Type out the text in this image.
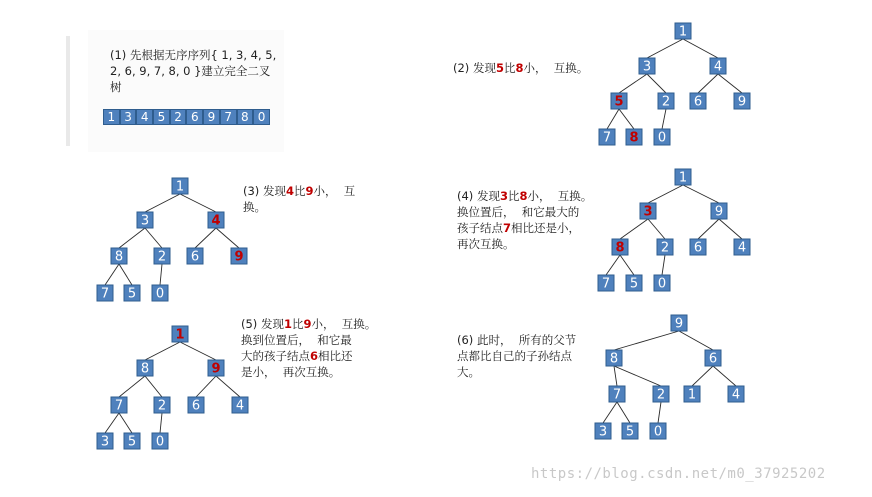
(1) 先根据无序序列{ 1, 3, 4, 5,
2, 6, 9, 7, 8, 0 }建立完全二叉
树

1 3 4 5 2 6 9 7 8 0

(2) 发现5比8小，  互换。

(3) 发现4比9小，  互
换。

(4) 发现3比8小，  互换。
换位置后，  和它最大的
孩子结点7相比还是小，
再次互换。

(5) 发现1比9小，  互换。
换到位置后，  和它最
大的孩子结点6相比还
是小，  再次互换。

(6) 此时，  所有的父节
点都比自己的子孙结点
大。

1
3	4
5	2 6	9
7 8 0
1
3	4
8	2 6	9
7 5 0
1
3	9
8	2 6	4
7 5 0
1
8	9
7	2 6	4
3 5 0
9
8	6
7	2 1	4
3 5 0
https://blog.csdn.net/m0_37925202
